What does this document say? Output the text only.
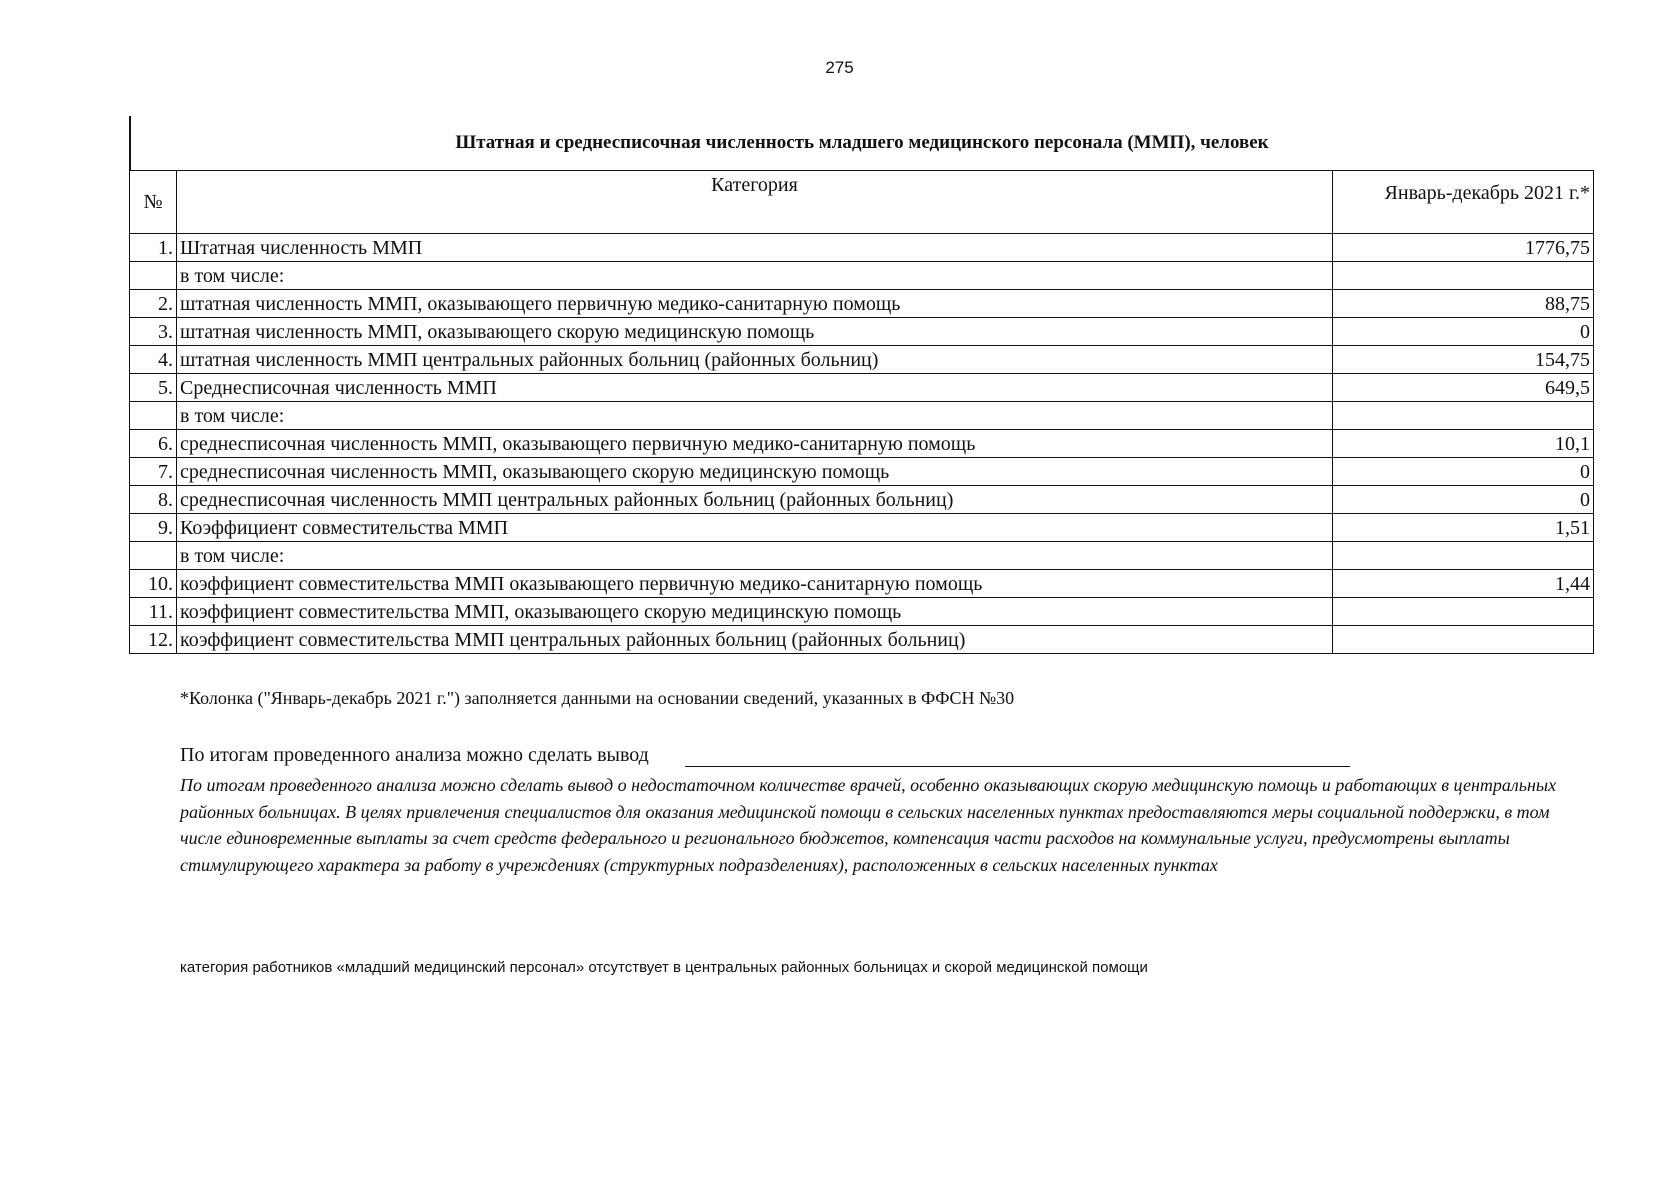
275
Штатная и среднесписочная численность младшего медицинского персонала (ММП), человек
№	Категория	Январь-декабрь 2021 г.*
1.	Штатная численность ММП	1776,75
	в том числе:	
2.	штатная численность ММП, оказывающего первичную медико-санитарную помощь	88,75
3.	штатная численность ММП, оказывающего скорую медицинскую помощь	0
4.	штатная численность ММП центральных районных больниц (районных больниц)	154,75
5.	Среднесписочная численность ММП	649,5
	в том числе:	
6.	среднесписочная численность ММП, оказывающего первичную медико-санитарную помощь	10,1
7.	среднесписочная численность ММП, оказывающего скорую медицинскую помощь	0
8.	среднесписочная численность ММП центральных районных больниц (районных больниц)	0
9.	Коэффициент совместительства ММП	1,51
	в том числе:	
10.	коэффициент совместительства ММП оказывающего первичную медико-санитарную помощь	1,44
11.	коэффициент совместительства ММП, оказывающего скорую медицинскую помощь	
12.	коэффициент совместительства ММП центральных районных больниц (районных больниц)	
*Колонка ("Январь-декабрь 2021 г.") заполняется данными на основании сведений, указанных в ФФСН №30
По итогам проведенного анализа можно сделать вывод
По итогам проведенного анализа можно сделать вывод о недостаточном количестве врачей, особенно оказывающих скорую медицинскую помощь и работающих в центральных районных больницах. В целях привлечения специалистов для оказания медицинской помощи в сельских населенных пунктах предоставляются меры социальной поддержки, в том числе единовременные выплаты за счет средств федерального и регионального бюджетов, компенсация части расходов на коммунальные услуги, предусмотрены выплаты стимулирующего характера за работу в учреждениях (структурных подразделениях), расположенных в сельских населенных пунктах
категория работников «младший медицинский персонал» отсутствует в центральных районных больницах и скорой медицинской помощи
